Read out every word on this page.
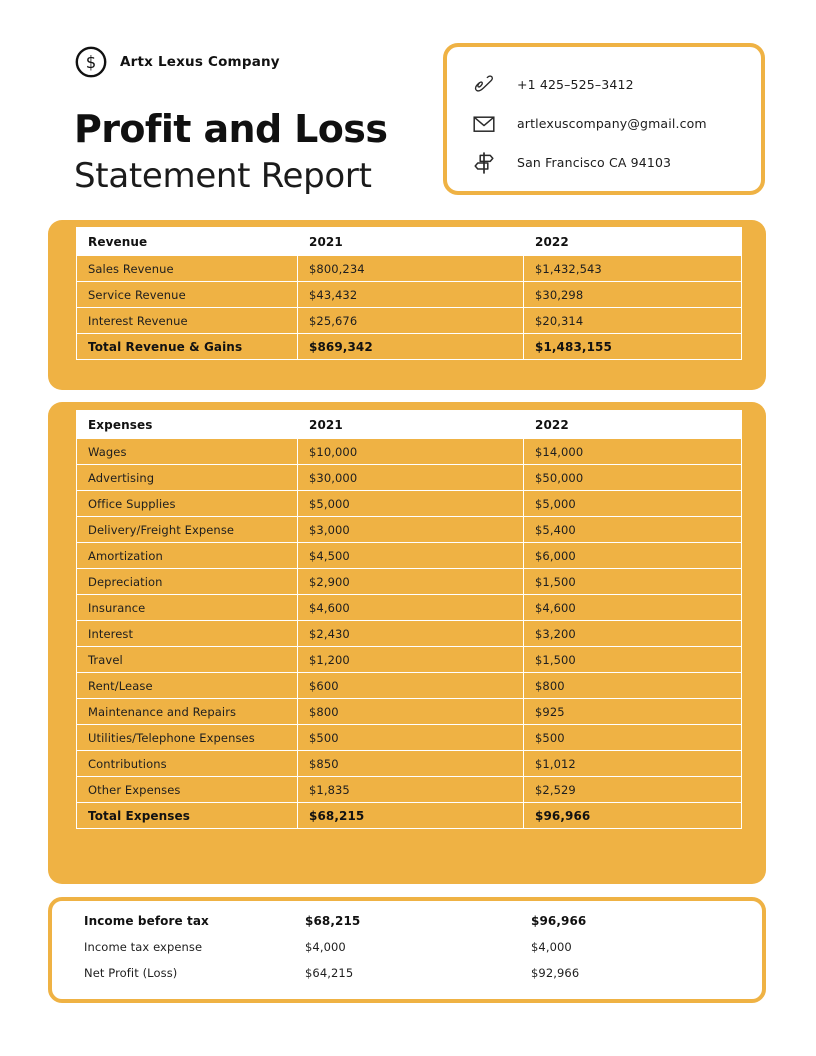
$ Artx Lexus Company
Profit and Loss
Statement Report
+1 425–525–3412
artlexuscompany@gmail.com
San Francisco CA 94103
Revenue	2021	2022
Sales Revenue	$800,234	$1,432,543
Service Revenue	$43,432	$30,298
Interest Revenue	$25,676	$20,314
Total Revenue & Gains	$869,342	$1,483,155
Expenses	2021	2022
Wages	$10,000	$14,000
Advertising	$30,000	$50,000
Office Supplies	$5,000	$5,000
Delivery/Freight Expense	$3,000	$5,400
Amortization	$4,500	$6,000
Depreciation	$2,900	$1,500
Insurance	$4,600	$4,600
Interest	$2,430	$3,200
Travel	$1,200	$1,500
Rent/Lease	$600	$800
Maintenance and Repairs	$800	$925
Utilities/Telephone Expenses	$500	$500
Contributions	$850	$1,012
Other Expenses	$1,835	$2,529
Total Expenses	$68,215	$96,966
Income before tax	$68,215	$96,966
Income tax expense	$4,000	$4,000
Net Profit (Loss)	$64,215	$92,966
